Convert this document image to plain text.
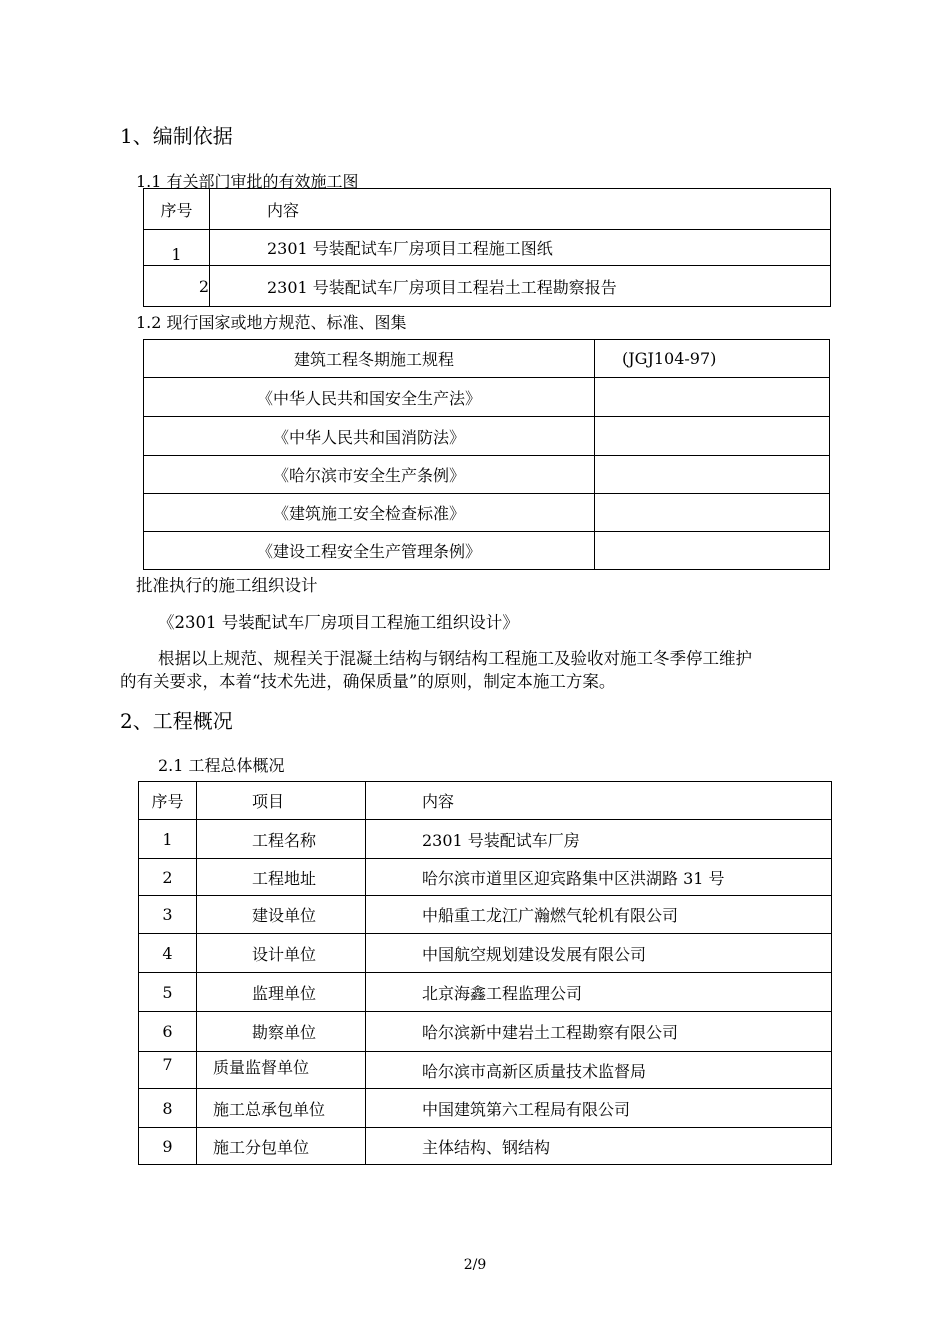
1、编制依据
1.1 有关部门审批的有效施工图
序号	内容
1	2301 号装配试车厂房项目工程施工图纸
2	2301 号装配试车厂房项目工程岩土工程勘察报告
1.2 现行国家或地方规范、标准、图集
建筑工程冬期施工规程	(JGJ104-97)
《中华人民共和国安全生产法》	
《中华人民共和国消防法》	
《哈尔滨市安全生产条例》	
《建筑施工安全检查标准》	
《建设工程安全生产管理条例》	
批准执行的施工组织设计
《2301 号装配试车厂房项目工程施工组织设计》
根据以上规范、规程关于混凝土结构与钢结构工程施工及验收对施工冬季停工维护
的有关要求，本着“技术先进，确保质量”的原则，制定本施工方案。
2、工程概况
2.1 工程总体概况
序号	项目	内容
1	工程名称	2301 号装配试车厂房
2	工程地址	哈尔滨市道里区迎宾路集中区洪湖路 31 号
3	建设单位	中船重工龙江广瀚燃气轮机有限公司
4	设计单位	中国航空规划建设发展有限公司
5	监理单位	北京海鑫工程监理公司
6	勘察单位	哈尔滨新中建岩土工程勘察有限公司
7	质量监督单位	哈尔滨市高新区质量技术监督局
8	施工总承包单位	中国建筑第六工程局有限公司
9	施工分包单位	主体结构、钢结构
2/9
